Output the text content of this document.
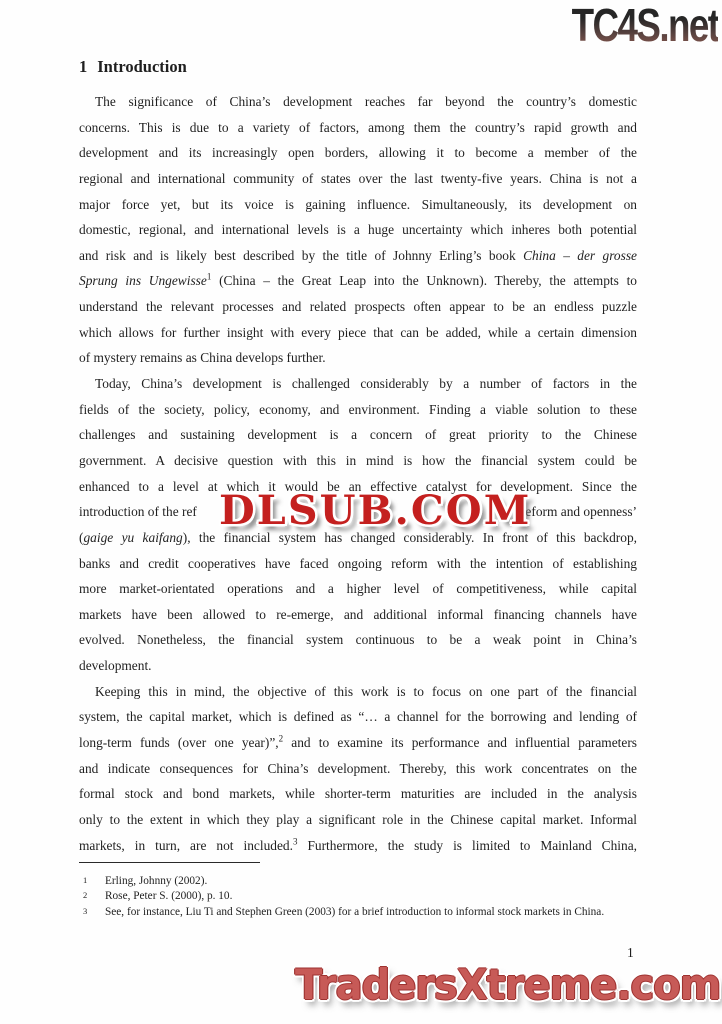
TC4S.net
1 Introduction
The significance of China’s development reaches far beyond the country’s domestic
concerns. This is due to a variety of factors, among them the country’s rapid growth and
development and its increasingly open borders, allowing it to become a member of the
regional and international community of states over the last twenty-five years. China is not a
major force yet, but its voice is gaining influence. Simultaneously, its development on
domestic, regional, and international levels is a huge uncertainty which inheres both potential
and risk and is likely best described by the title of Johnny Erling’s book China – der grosse
Sprung ins Ungewisse$^1$ (China – the Great Leap into the Unknown). Thereby, the attempts to
understand the relevant processes and related prospects often appear to be an endless puzzle
which allows for further insight with every piece that can be added, while a certain dimension
of mystery remains as China develops further.
Today, China’s development is challenged considerably by a number of factors in the
fields of the society, policy, economy, and environment. Finding a viable solution to these
challenges and sustaining development is a concern of great priority to the Chinese
government. A decisive question with this in mind is how the financial system could be
enhanced to a level at which it would be an effective catalyst for development. Since the
introduction of the ref	‘reform and openness’
(gaige yu kaifang), the financial system has changed considerably. In front of this backdrop,
banks and credit cooperatives have faced ongoing reform with the intention of establishing
more market-orientated operations and a higher level of competitiveness, while capital
markets have been allowed to re-emerge, and additional informal financing channels have
evolved. Nonetheless, the financial system continuous to be a weak point in China’s
development.
Keeping this in mind, the objective of this work is to focus on one part of the financial
system, the capital market, which is defined as “… a channel for the borrowing and lending of
long-term funds (over one year)”,$^2$ and to examine its performance and influential parameters
and indicate consequences for China’s development. Thereby, this work concentrates on the
formal stock and bond markets, while shorter-term maturities are included in the analysis
only to the extent in which they play a significant role in the Chinese capital market. Informal
markets, in turn, are not included.$^3$ Furthermore, the study is limited to Mainland China,
DLSUB.COM
1	Erling, Johnny (2002).
2	Rose, Peter S. (2000), p. 10.
3	See, for instance, Liu Ti and Stephen Green (2003) for a brief introduction to informal stock markets in China.
1
TradersXtreme.com
